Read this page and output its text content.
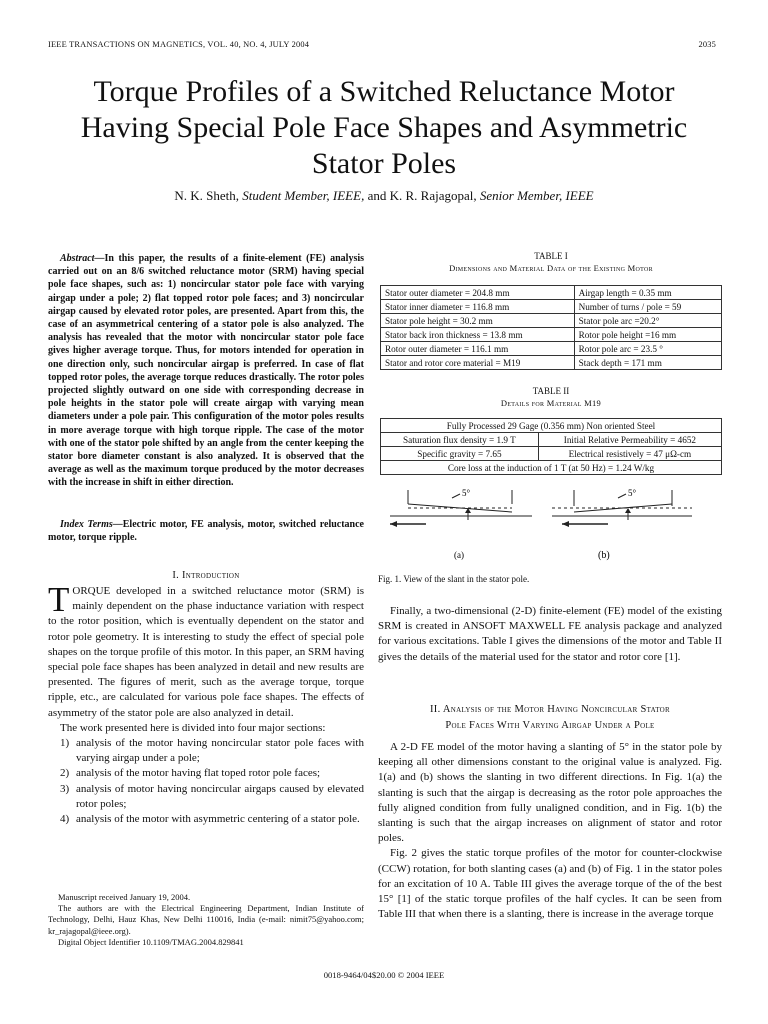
IEEE TRANSACTIONS ON MAGNETICS, VOL. 40, NO. 4, JULY 2004	2035
Torque Profiles of a Switched Reluctance Motor
Having Special Pole Face Shapes and Asymmetric
Stator Poles
N. K. Sheth, Student Member, IEEE, and K. R. Rajagopal, Senior Member, IEEE
Abstract—In this paper, the results of a finite-element (FE) analysis carried out on an 8/6 switched reluctance motor (SRM) having special pole face shapes, such as: 1) noncircular stator pole face with varying airgap under a pole; 2) flat topped rotor pole faces; and 3) noncircular airgap caused by elevated rotor poles, are presented. Apart from this, the case of an asymmetrical centering of a stator pole is also analyzed. The analysis has revealed that the motor with noncircular stator pole face gives higher average torque. Thus, for motors intended for operation in one direction only, such noncircular airgap is preferred. In case of flat topped rotor poles, the average torque reduces drastically. The rotor poles projected slightly outward on one side with corresponding decrease in pole heights in the stator pole will create airgap with varying mean diameters under a pole pair. This configuration of the motor poles results in more average torque with high torque ripple. The case of the motor with one of the stator pole shifted by an angle from the center keeping the stator bore diameter constant is also analyzed. It is observed that the average as well as the maximum torque produced by the motor decreases with the increase in shift in either direction.
Index Terms—Electric motor, FE analysis, motor, switched reluctance motor, torque ripple.
I. Introduction
TORQUE developed in a switched reluctance motor (SRM) is mainly dependent on the phase inductance variation with respect to the rotor position, which is eventually dependent on the stator and rotor pole geometry. It is interesting to study the effect of special pole shapes on the torque profile of this motor. In this paper, an SRM having special pole face shapes has been analyzed in detail and new results are presented. The figures of merit, such as the average torque, torque ripple, etc., are calculated for various pole face shapes. The effects of asymmetry of the stator pole are also analyzed in detail.
The work presented here is divided into four major sections:
1) analysis of the motor having noncircular stator pole faces with varying airgap under a pole;
2) analysis of the motor having flat toped rotor pole faces;
3) analysis of motor having noncircular airgaps caused by elevated rotor poles;
4) analysis of the motor with asymmetric centering of a stator pole.

Manuscript received January 19, 2004.

The authors are with the Electrical Engineering Department, Indian Institute of Technology, Delhi, Hauz Khas, New Delhi 110016, India (e-mail: nimit75@yahoo.com; kr_rajagopal@ieee.org).

Digital Object Identifier 10.1109/TMAG.2004.829841

0018-9464/04$20.00 © 2004 IEEE
TABLE I
Dimensions and Material Data of the Existing Motor
Stator outer diameter = 204.8 mm	Airgap length = 0.35 mm
Stator inner diameter = 116.8 mm	Number of turns / pole = 59
Stator pole height = 30.2 mm	Stator pole arc =20.2°
Stator back iron thickness = 13.8 mm	Rotor pole height =16 mm
Rotor outer diameter = 116.1 mm	Rotor pole arc = 23.5 °
Stator and rotor core material = M19	Stack depth = 171 mm
TABLE II
Details for Material M19
Fully Processed 29 Gage (0.356 mm) Non oriented Steel	
Saturation flux density = 1.9 T	Initial Relative Permeability = 4652
Specific gravity = 7.65	Electrical resistively = 47 μΩ-cm
Core loss at the induction of 1 T (at 50 Hz) = 1.24 W/kg	
5°	5°
(a)	(b)
Fig. 1. View of the slant in the stator pole.
Finally, a two-dimensional (2-D) finite-element (FE) model of the existing SRM is created in ANSOFT MAXWELL FE analysis package and analyzed for various excitations. Table I gives the dimensions of the motor and Table II gives the details of the material used for the stator and rotor core [1].
II. Analysis of the Motor Having Noncircular Stator
Pole Faces With Varying Airgap Under a Pole
A 2-D FE model of the motor having a slanting of 5° in the stator pole by keeping all other dimensions constant to the original value is analyzed. Fig. 1(a) and (b) shows the slanting in two different directions. In Fig. 1(a) the slanting is such that the airgap is decreasing as the rotor pole approaches the fully aligned condition from fully unaligned condition, and in Fig. 1(b) the slanting is such that the airgap increases on alignment of stator and rotor poles.
Fig. 2 gives the static torque profiles of the motor for counter-clockwise (CCW) rotation, for both slanting cases (a) and (b) of Fig. 1 in the stator poles for an excitation of 10 A. Table III gives the average torque of the of the best 15° [1] of the static torque profiles of the half cycles. It can be seen from Table III that when there is a slanting, there is increase in the average torque
